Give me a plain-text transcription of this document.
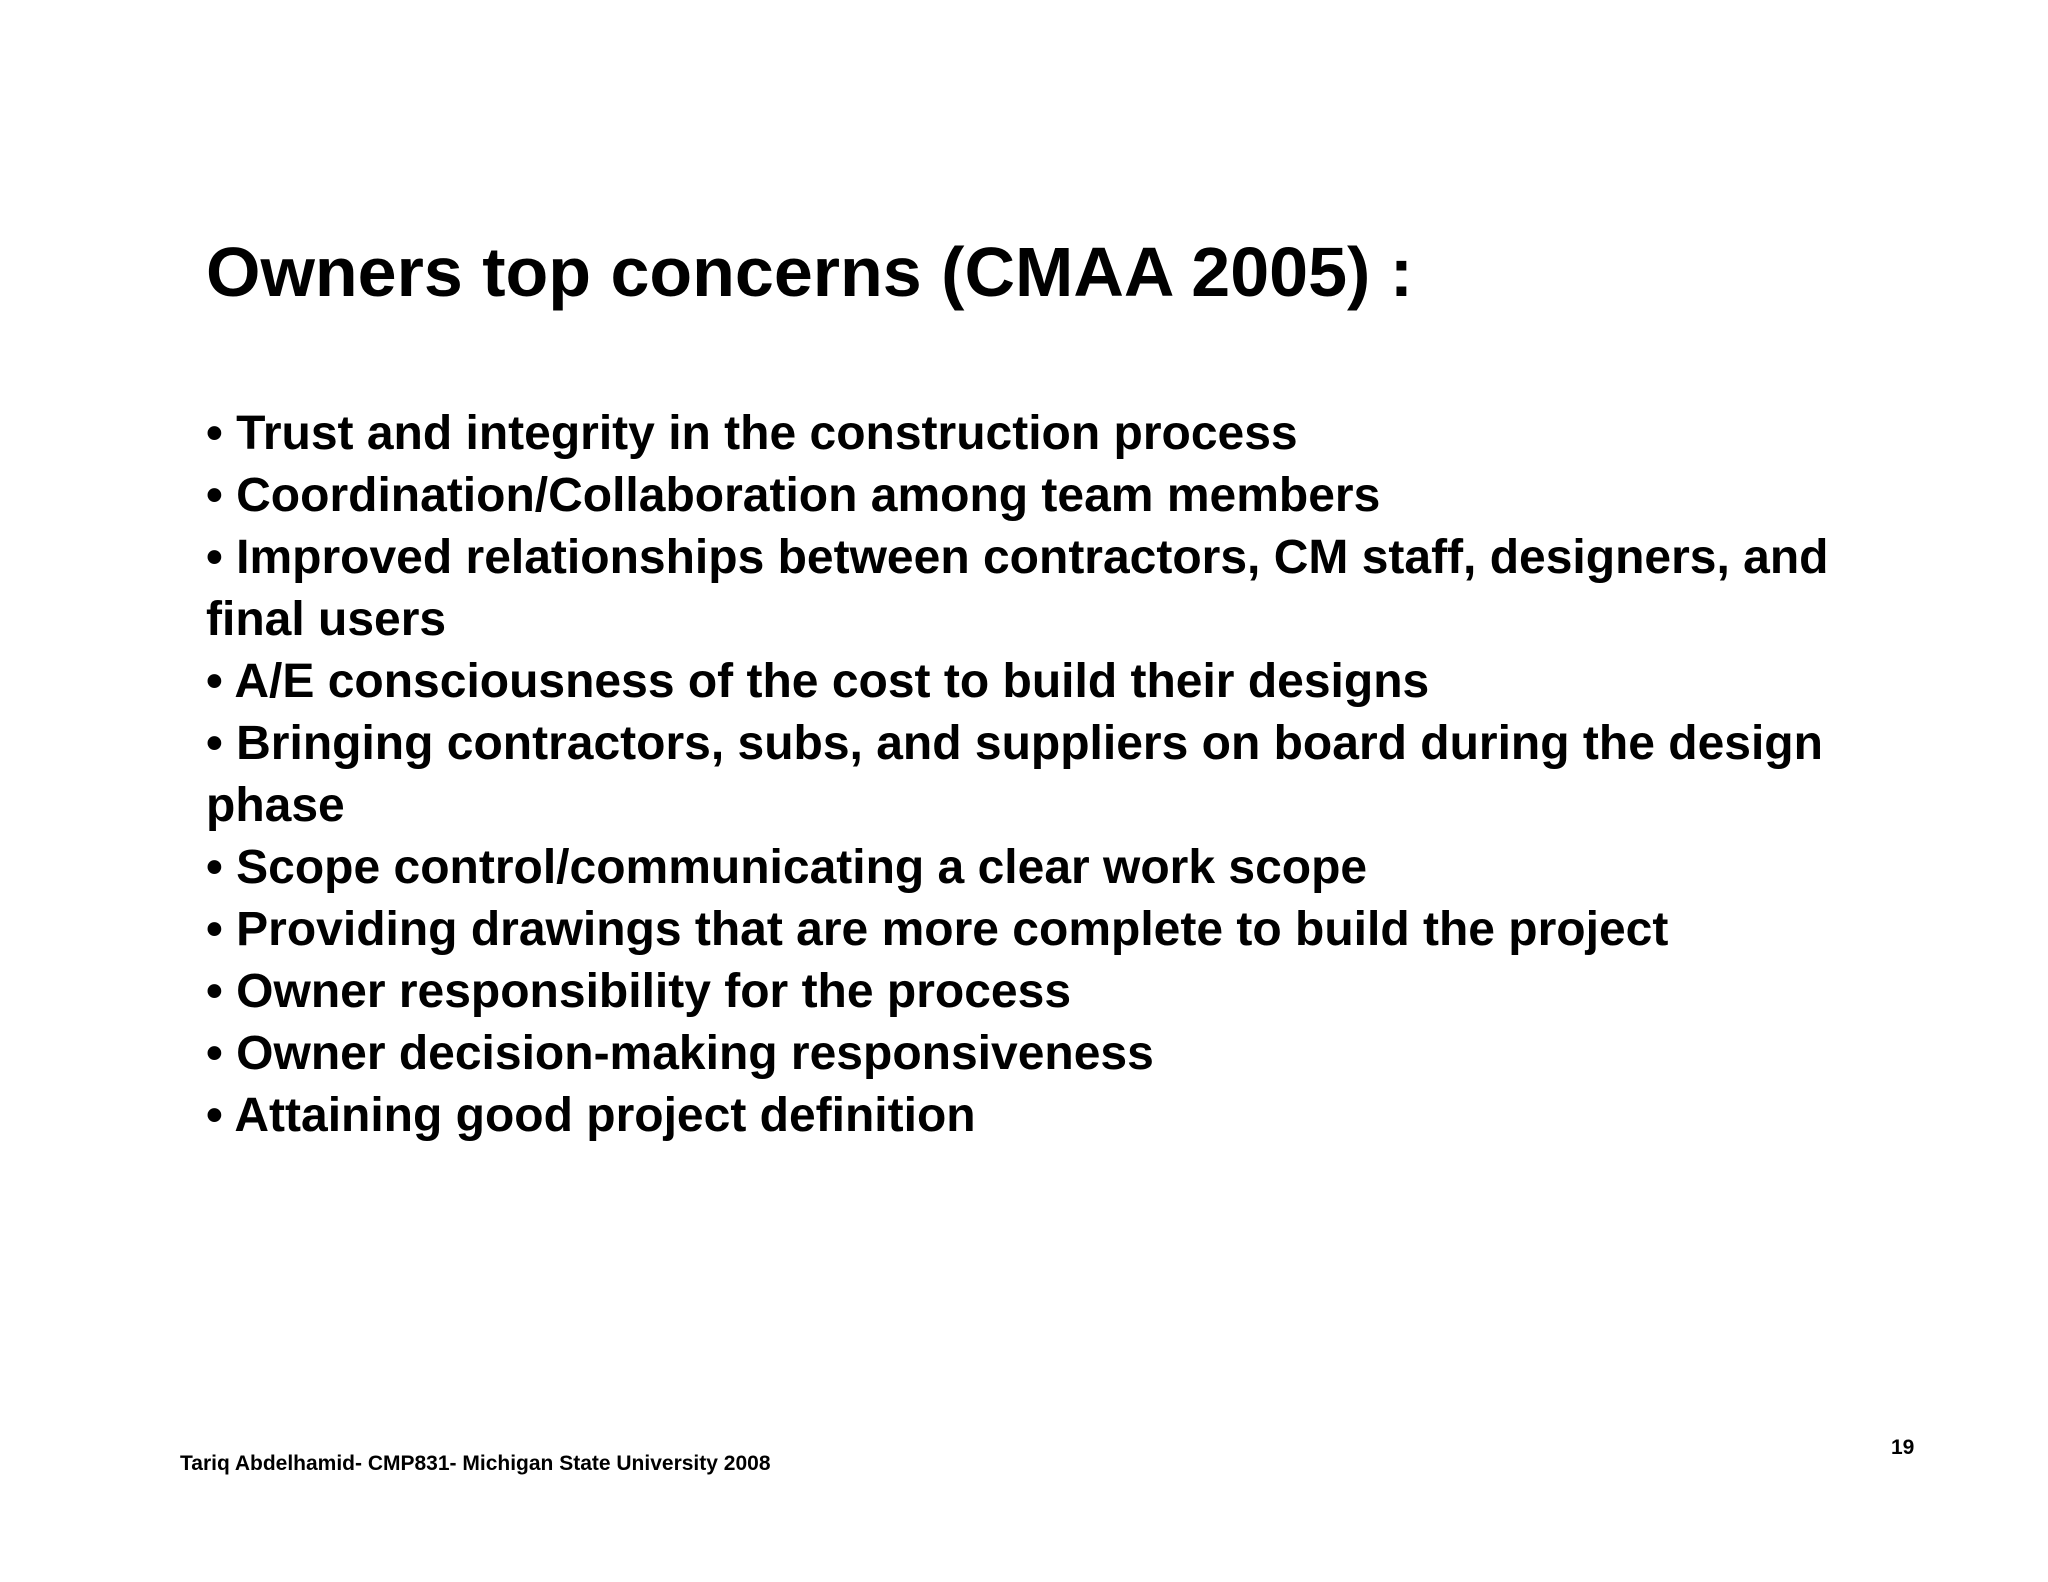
Owners top concerns (CMAA 2005) :
• Trust and integrity in the construction process
• Coordination/Collaboration among team members
• Improved relationships between contractors, CM staff, designers, and final users
• A/E consciousness of the cost to build their designs
• Bringing contractors, subs, and suppliers on board during the design phase
• Scope control/communicating a clear work scope
• Providing drawings that are more complete to build the project
• Owner responsibility for the process
• Owner decision-making responsiveness
• Attaining good project definition
Tariq Abdelhamid- CMP831- Michigan State University 2008
19
